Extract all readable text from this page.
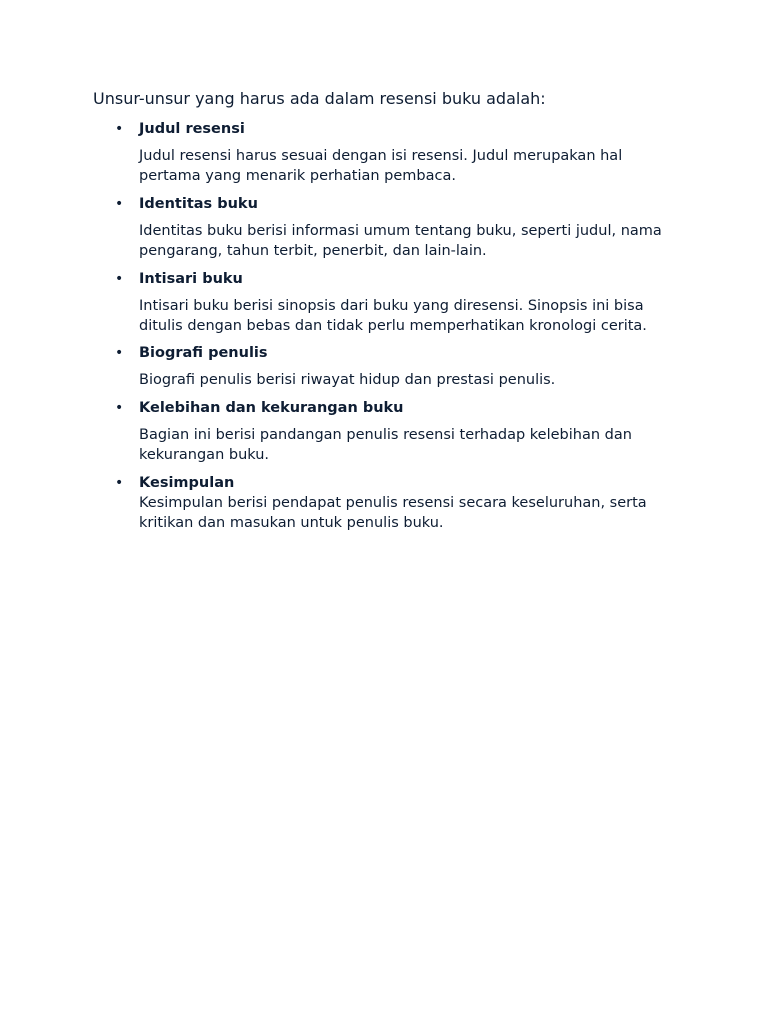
Unsur-unsur yang harus ada dalam resensi buku adalah:

• Judul resensi
Judul resensi harus sesuai dengan isi resensi. Judul merupakan hal pertama yang menarik perhatian pembaca.
• Identitas buku
Identitas buku berisi informasi umum tentang buku, seperti judul, nama pengarang, tahun terbit, penerbit, dan lain-lain.
• Intisari buku
Intisari buku berisi sinopsis dari buku yang diresensi. Sinopsis ini bisa ditulis dengan bebas dan tidak perlu memperhatikan kronologi cerita.
• Biografi penulis
Biografi penulis berisi riwayat hidup dan prestasi penulis.
• Kelebihan dan kekurangan buku
Bagian ini berisi pandangan penulis resensi terhadap kelebihan dan kekurangan buku.
• Kesimpulan
Kesimpulan berisi pendapat penulis resensi secara keseluruhan, serta kritikan dan masukan untuk penulis buku.
